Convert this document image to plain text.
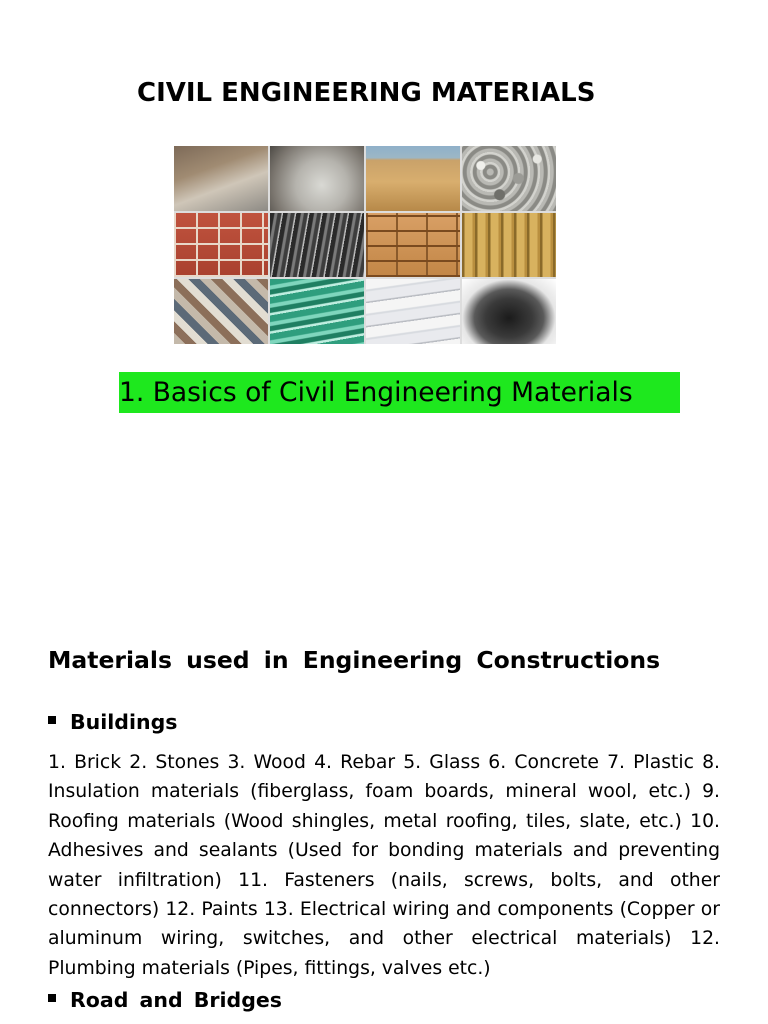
CIVIL ENGINEERING MATERIALS
1. Basics of Civil Engineering Materials
Materials used in Engineering Constructions
Buildings
1. Brick 2. Stones 3. Wood 4. Rebar 5. Glass 6. Concrete 7. Plastic 8. Insulation materials (fiberglass, foam boards, mineral wool, etc.) 9. Roofing materials (Wood shingles, metal roofing, tiles, slate, etc.) 10. Adhesives and sealants (Used for bonding materials and preventing water infiltration) 11. Fasteners (nails, screws, bolts, and other connectors) 12. Paints 13. Electrical wiring and components (Copper or aluminum wiring, switches, and other electrical materials) 12. Plumbing materials (Pipes, fittings, valves etc.)
Road and Bridges
